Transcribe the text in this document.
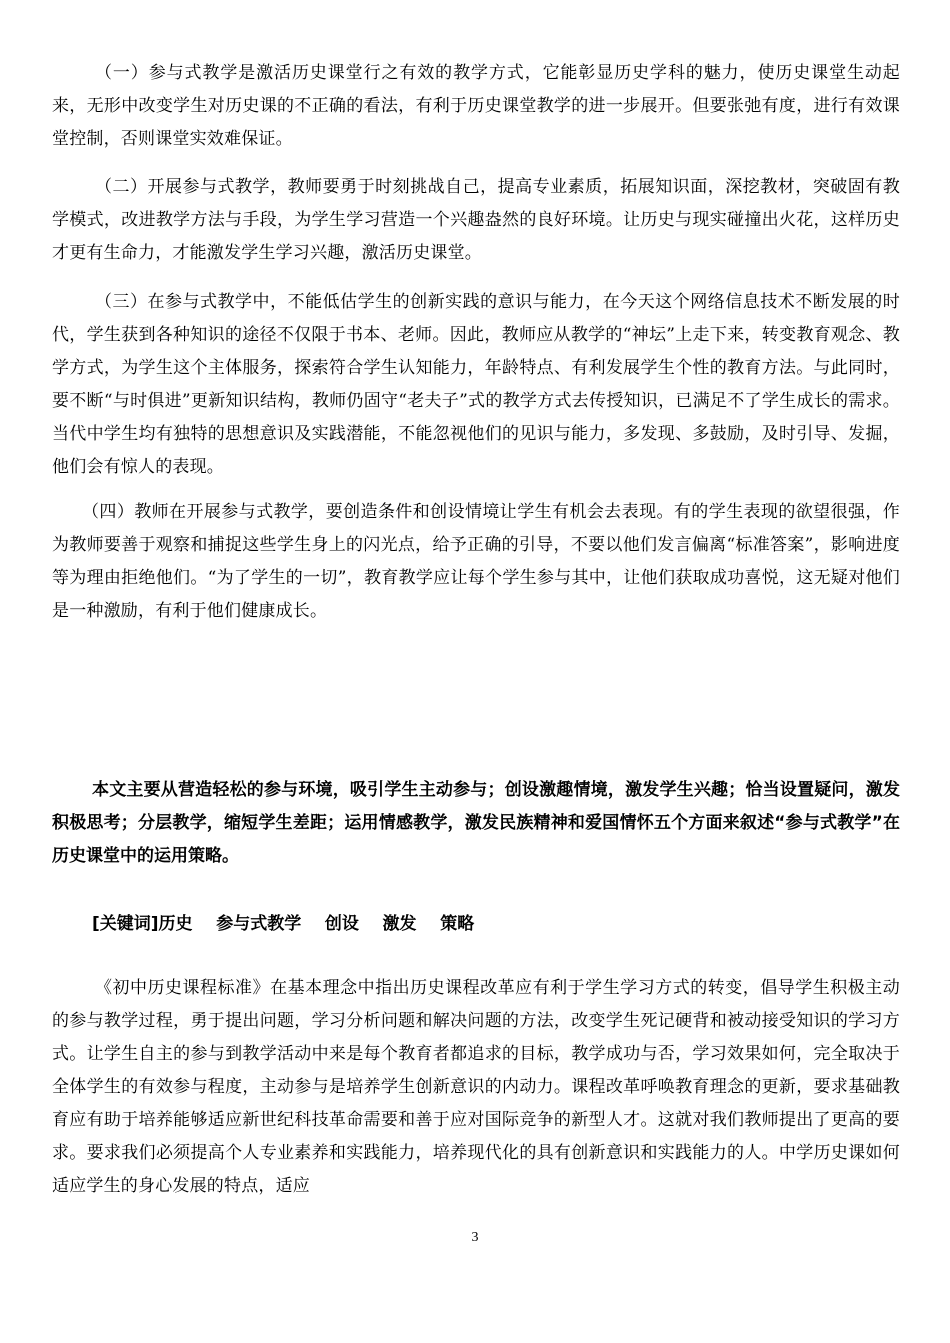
（一）参与式教学是激活历史课堂行之有效的教学方式，它能彰显历史学科的魅力，使历史课堂生动起来，无形中改变学生对历史课的不正确的看法，有利于历史课堂教学的进一步展开。但要张弛有度，进行有效课堂控制，否则课堂实效难保证。

（二）开展参与式教学，教师要勇于时刻挑战自己，提高专业素质，拓展知识面，深挖教材，突破固有教学模式，改进教学方法与手段，为学生学习营造一个兴趣盎然的良好环境。让历史与现实碰撞出火花，这样历史才更有生命力，才能激发学生学习兴趣，激活历史课堂。

（三）在参与式教学中，不能低估学生的创新实践的意识与能力，在今天这个网络信息技术不断发展的时代，学生获到各种知识的途径不仅限于书本、老师。因此，教师应从教学的“神坛”上走下来，转变教育观念、教学方式，为学生这个主体服务，探索符合学生认知能力，年龄特点、有利发展学生个性的教育方法。与此同时，要不断“与时俱进”更新知识结构，教师仍固守“老夫子”式的教学方式去传授知识，已满足不了学生成长的需求。当代中学生均有独特的思想意识及实践潜能，不能忽视他们的见识与能力，多发现、多鼓励，及时引导、发掘，他们会有惊人的表现。

（四）教师在开展参与式教学，要创造条件和创设情境让学生有机会去表现。有的学生表现的欲望很强，作为教师要善于观察和捕捉这些学生身上的闪光点，给予正确的引导，不要以他们发言偏离“标准答案”，影响进度等为理由拒绝他们。“为了学生的一切”，教育教学应让每个学生参与其中，让他们获取成功喜悦，这无疑对他们是一种激励，有利于他们健康成长。

本文主要从营造轻松的参与环境，吸引学生主动参与；创设激趣情境，激发学生兴趣；恰当设置疑问，激发积极思考；分层教学，缩短学生差距；运用情感教学，激发民族精神和爱国情怀五个方面来叙述“参与式教学”在历史课堂中的运用策略。

[关键词]历史    参与式教学    创设    激发    策略

《初中历史课程标准》在基本理念中指出历史课程改革应有利于学生学习方式的转变，倡导学生积极主动的参与教学过程，勇于提出问题，学习分析问题和解决问题的方法，改变学生死记硬背和被动接受知识的学习方式。让学生自主的参与到教学活动中来是每个教育者都追求的目标，教学成功与否，学习效果如何，完全取决于全体学生的有效参与程度，主动参与是培养学生创新意识的内动力。课程改革呼唤教育理念的更新，要求基础教育应有助于培养能够适应新世纪科技革命需要和善于应对国际竞争的新型人才。这就对我们教师提出了更高的要求。要求我们必须提高个人专业素养和实践能力，培养现代化的具有创新意识和实践能力的人。中学历史课如何适应学生的身心发展的特点，适应

3
